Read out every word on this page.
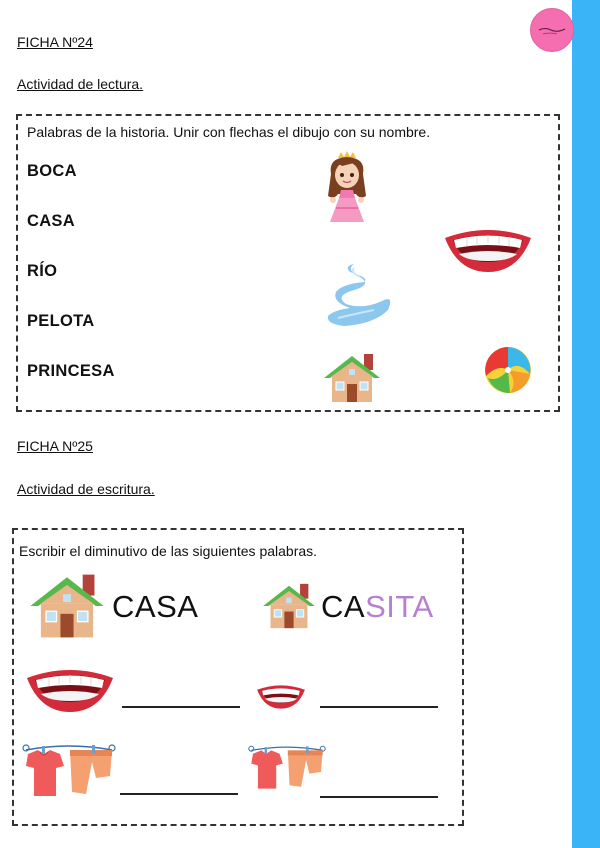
FICHA Nº24
Actividad de lectura.
Palabras de la historia. Unir con flechas el dibujo con su nombre.
BOCA
CASA
RÍO
PELOTA
PRINCESA
FICHA Nº25
Actividad de escritura.
Escribir el diminutivo de las siguientes palabras.
CASA	CASITA
